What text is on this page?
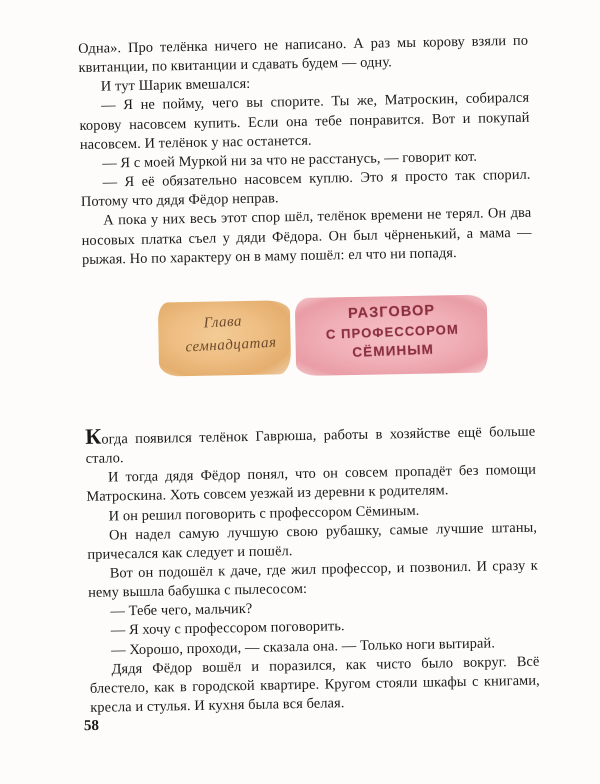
Одна». Про телёнка ничего не написано. А раз мы корову взяли по квитанции, по квитанции и сдавать будем — одну.

И тут Шарик вмешался:

— Я не пойму, чего вы спорите. Ты же, Матроскин, собирался корову насовсем купить. Если она тебе понравится. Вот и покупай насовсем. И телёнок у нас останется.

— Я с моей Муркой ни за что не расстанусь, — говорит кот.

— Я её обязательно насовсем куплю. Это я просто так спорил. Потому что дядя Фёдор неправ.

А пока у них весь этот спор шёл, телёнок времени не терял. Он два носовых платка съел у дяди Фёдора. Он был чёрненький, а мама — рыжая. Но по характеру он в маму пошёл: ел что ни попадя.

Глава
семнадцатая
РАЗГОВОР
С ПРОФЕССОРОМ
СЁМИНЫМ

Когда появился телёнок Гаврюша, работы в хозяйстве ещё больше стало.

И тогда дядя Фёдор понял, что он совсем пропадёт без помощи Матроскина. Хоть совсем уезжай из деревни к родителям.

И он решил поговорить с профессором Сёминым.

Он надел самую лучшую свою рубашку, самые лучшие штаны, причесался как следует и пошёл.

Вот он подошёл к даче, где жил профессор, и позвонил. И сразу к нему вышла бабушка с пылесосом:

— Тебе чего, мальчик?

— Я хочу с профессором поговорить.

— Хорошо, проходи, — сказала она. — Только ноги вытирай.

Дядя Фёдор вошёл и поразился, как чисто было вокруг. Всё блестело, как в городской квартире. Кругом стояли шкафы с книгами, кресла и стулья. И кухня была вся белая.

58
